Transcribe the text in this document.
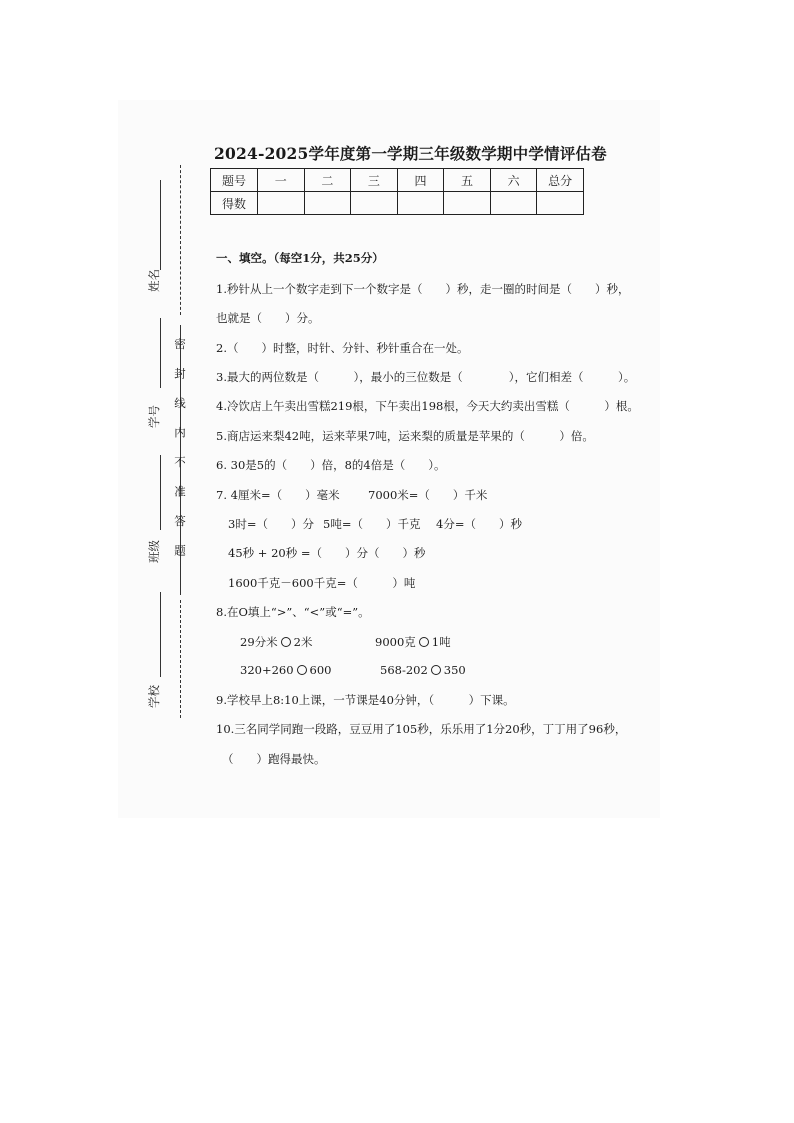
2024-2025学年度第一学期三年级数学期中学情评估卷
题号	一	二	三	四	五	六	总分
得数							
密封线内不准答题
姓名
学号
班级
学校
一、填空。（每空1分，共25分）
1.秒针从上一个数字走到下一个数字是（　　）秒，走一圈的时间是（　　）秒，
也就是（　　）分。
2.（　　）时整，时针、分针、秒针重合在一处。
3.最大的两位数是（　　　），最小的三位数是（　　　　），它们相差（　　　）。
4.冷饮店上午卖出雪糕219根，下午卖出198根，今天大约卖出雪糕（　　　）根。
5.商店运来梨42吨，运来苹果7吨，运来梨的质量是苹果的（　　　）倍。
6. 30是5的（　　）倍，8的4倍是（　　）。
7. 4厘米=（　　）毫米 7000米=（　　）千米
3时=（　　）分 5吨=（　　）千克 4分=（　　）秒
45秒 + 20秒 =（　　）分（　　）秒
1600千克－600千克=（　　　）吨
8.在O填上“>”、“<”或“=”。
29分米 2米	9000克 1吨
320+260 600	568-202 350
9.学校早上8:10上课，一节课是40分钟，（　　　）下课。
10.三名同学同跑一段路，豆豆用了105秒，乐乐用了1分20秒，丁丁用了96秒，
（　　）跑得最快。
